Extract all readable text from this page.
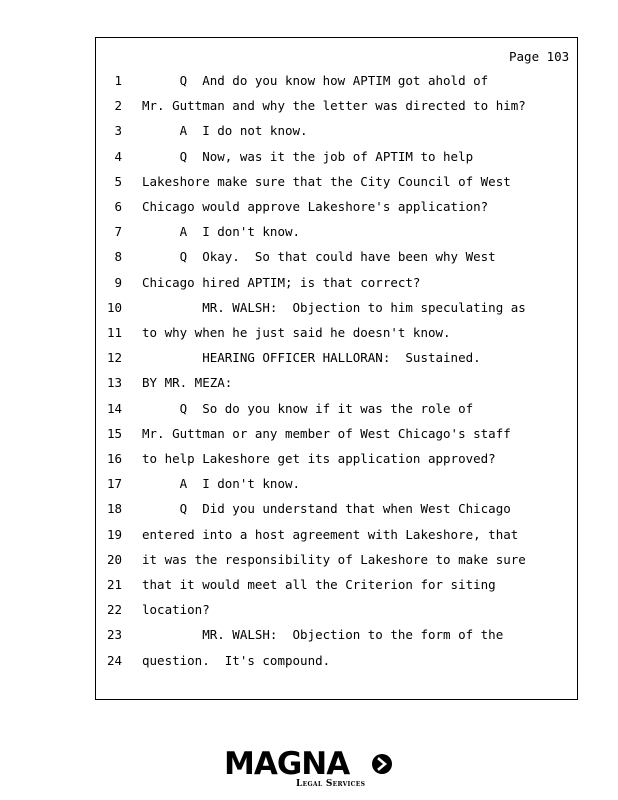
Page 103
1 Q  And do you know how APTIM got ahold of
2 Mr. Guttman and why the letter was directed to him?
3 A  I do not know.
4 Q  Now, was it the job of APTIM to help
5 Lakeshore make sure that the City Council of West
6 Chicago would approve Lakeshore's application?
7 A  I don't know.
8 Q  Okay.  So that could have been why West
9 Chicago hired APTIM; is that correct?
10 MR. WALSH:  Objection to him speculating as
11 to why when he just said he doesn't know.
12 HEARING OFFICER HALLORAN:  Sustained.
13 BY MR. MEZA:
14 Q  So do you know if it was the role of
15 Mr. Guttman or any member of West Chicago's staff
16 to help Lakeshore get its application approved?
17 A  I don't know.
18 Q  Did you understand that when West Chicago
19 entered into a host agreement with Lakeshore, that
20 it was the responsibility of Lakeshore to make sure
21 that it would meet all the Criterion for siting
22 location?
23 MR. WALSH:  Objection to the form of the
24 question.  It's compound.
MAGNA
Legal Services
